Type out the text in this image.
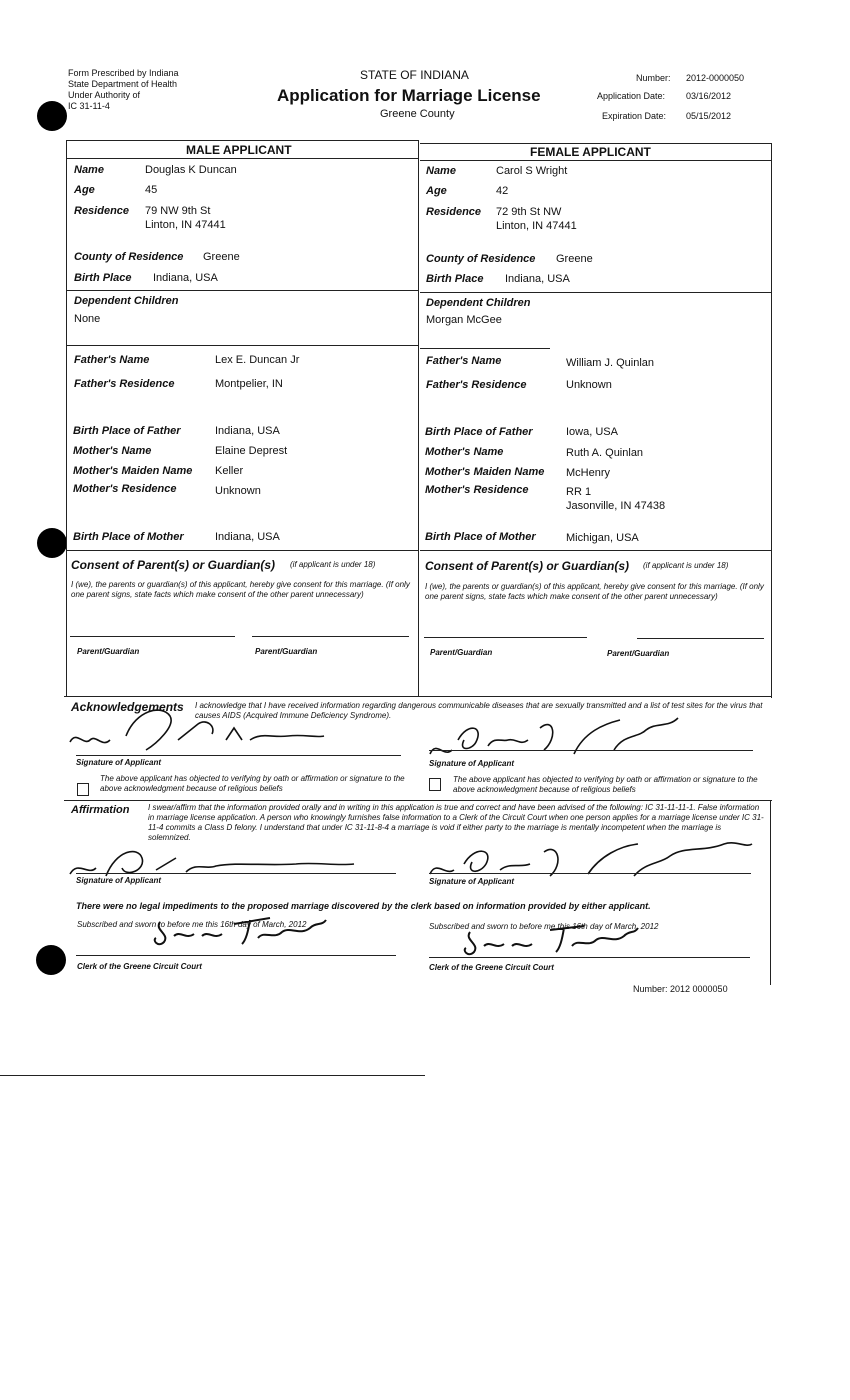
Form Prescribed by Indiana
State Department of Health
Under Authority of
IC 31-11-4
STATE OF INDIANA
Application for Marriage License
Greene County
Number: 2012-0000050
Application Date: 03/16/2012
Expiration Date: 05/15/2012
MALE APPLICANT
Name	Douglas K Duncan
Age	45
Residence 79 NW 9th St
Linton, IN 47441
County of Residence Greene
Birth Place Indiana, USA
Dependent Children
None
Father's Name	Lex E. Duncan Jr
Father's Residence	Montpelier, IN
Birth Place of Father	Indiana, USA
Mother's Name	Elaine Deprest
Mother's Maiden Name Keller
Mother's Residence	Unknown
Birth Place of Mother	Indiana, USA
Consent of Parent(s) or Guardian(s) (if applicant is under 18)
I (we), the parents or guardian(s) of this applicant, hereby give consent for this marriage. (If only one parent signs, state facts which make consent of the other parent unnecessary)
Parent/Guardian	Parent/Guardian
FEMALE APPLICANT
Name	Carol S Wright
Age	42
Residence 72 9th St NW
Linton, IN 47441
County of Residence Greene
Birth Place Indiana, USA
Dependent Children
Morgan McGee
Father's Name	William J. Quinlan
Father's Residence	Unknown
Birth Place of Father	Iowa, USA
Mother's Name	Ruth A. Quinlan
Mother's Maiden Name McHenry
Mother's Residence	RR 1
Jasonville, IN 47438
Birth Place of Mother	Michigan, USA
Consent of Parent(s) or Guardian(s) (if applicant is under 18)
I (we), the parents or guardian(s) of this applicant, hereby give consent for this marriage. (If only one parent signs, state facts which make consent of the other parent unnecessary)
Parent/Guardian	Parent/Guardian
Acknowledgements I acknowledge that I have received information regarding dangerous communicable diseases that are sexually transmitted and a list of test sites for the virus that causes AIDS (Acquired Immune Deficiency Syndrome).
Signature of Applicant
The above applicant has objected to verifying by oath or affirmation or signature to the above acknowledgment because of religious beliefs
Signature of Applicant
The above applicant has objected to verifying by oath or affirmation or signature to the above acknowledgment because of religious beliefs
Affirmation I swear/affirm that the information provided orally and in writing in this application is true and correct and have been advised of the following: IC 31-11-11-1. False information in marriage license application. A person who knowingly furnishes false information to a Clerk of the Circuit Court when one person applies for a marriage license under IC 31-11-4 commits a Class D felony. I understand that under IC 31-11-8-4 a marriage is void if either party to the marriage is mentally incompetent when the marriage is solemnized.
Signature of Applicant	Signature of Applicant
There were no legal impediments to the proposed marriage discovered by the clerk based on information provided by either applicant.
Subscribed and sworn to before me this 16th day of March, 2012
Clerk of the Greene Circuit Court
Subscribed and sworn to before me this 16th day of March, 2012
Clerk of the Greene Circuit Court
Number: 2012 0000050
